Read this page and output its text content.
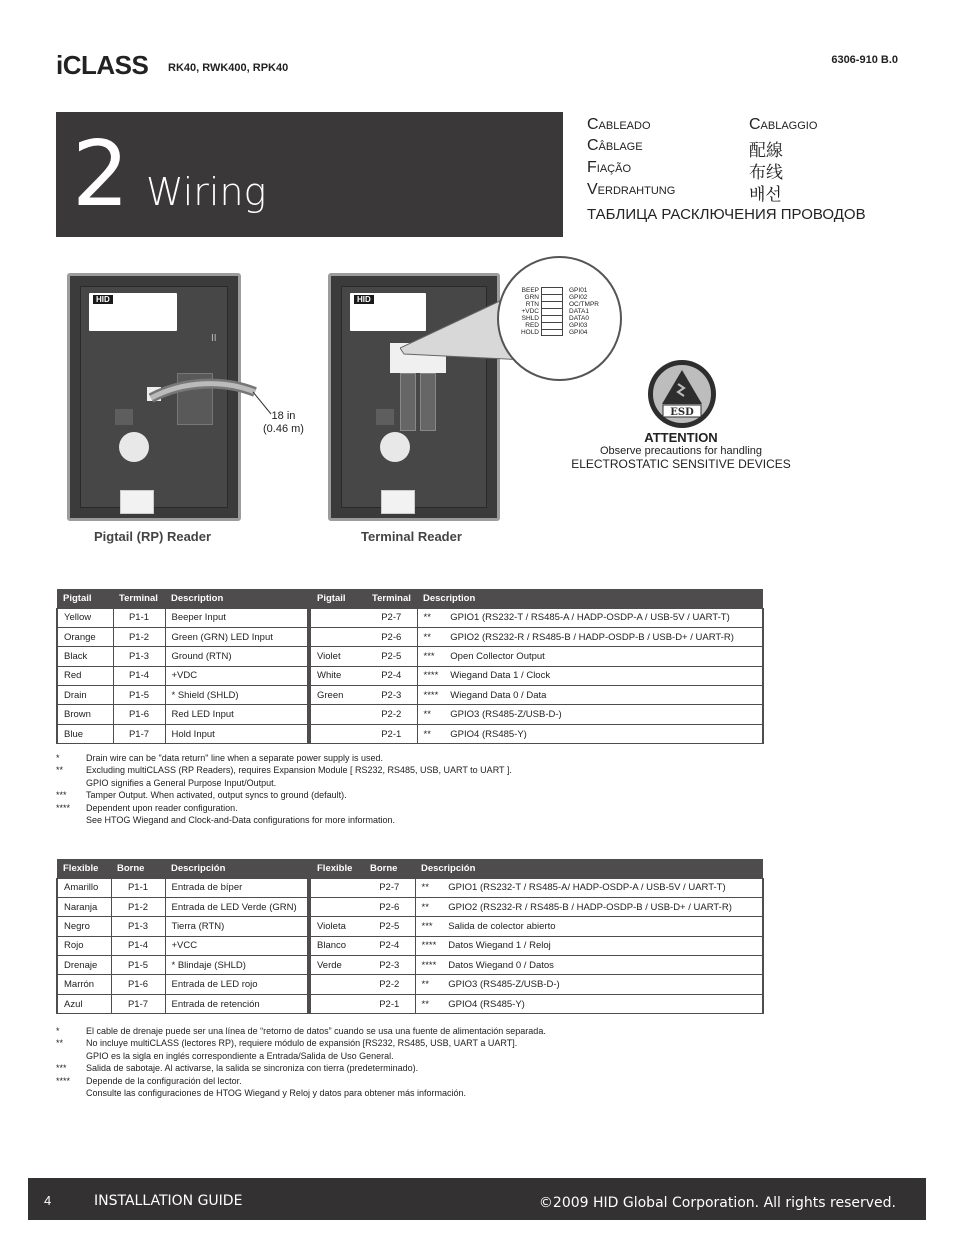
iCLASS RK40, RWK400, RPK40
6306-910 B.0
2 Wiring
Cableado	Cablaggio
Câblage	配線
Fiação	布线
Verdrahtung	배선
ТАБЛИЦА РАСКЛЮЧЕНИЯ ПРОВОДОВ
HID
II
18 in
(0.46 m)
Pigtail (RP) Reader
HID
Terminal Reader
BEEP
GRN
RTN
+VDC
SHLD
RED
HOLD
GPI01
GPI02
OC/TMPR
DATA1
DATA0
GPI03
GPI04
ESD
ATTENTION
Observe precautions for handling
ELECTROSTATIC SENSITIVE DEVICES
Pigtail	Terminal	Description		Pigtail	Terminal	Description	
Yellow	P1-1	Beeper Input			P2-7	**	GPIO1 (RS232-T / RS485-A / HADP-OSDP-A / USB-5V / UART-T)
Orange	P1-2	Green (GRN) LED Input			P2-6	**	GPIO2 (RS232-R / RS485-B / HADP-OSDP-B / USB-D+ / UART-R)
Black	P1-3	Ground (RTN)		Violet	P2-5	***	Open Collector Output
Red	P1-4	+VDC		White	P2-4	****	Wiegand Data 1 / Clock
Drain	P1-5	* Shield (SHLD)		Green	P2-3	****	Wiegand Data 0 / Data
Brown	P1-6	Red LED Input			P2-2	**	GPIO3 (RS485-Z/USB-D-)
Blue	P1-7	Hold Input			P2-1	**	GPIO4 (RS485-Y)
*	Drain wire can be "data return" line when a separate power supply is used.
**	Excluding multiCLASS (RP Readers), requires Expansion Module [ RS232, RS485, USB, UART to UART ].
GPIO signifies a General Purpose Input/Output.
***	Tamper Output. When activated, output syncs to ground (default).
****	Dependent upon reader configuration.
See HTOG Wiegand and Clock-and-Data configurations for more information.
Flexible	Borne	Descripción		Flexible	Borne	Descripción	
Amarillo	P1-1	Entrada de bíper			P2-7	**	GPIO1 (RS232-T / RS485-A/ HADP-OSDP-A / USB-5V / UART-T)
Naranja	P1-2	Entrada de LED Verde (GRN)			P2-6	**	GPIO2 (RS232-R / RS485-B / HADP-OSDP-B / USB-D+ / UART-R)
Negro	P1-3	Tierra (RTN)		Violeta	P2-5	***	Salida de colector abierto
Rojo	P1-4	+VCC		Blanco	P2-4	****	Datos Wiegand 1 / Reloj
Drenaje	P1-5	* Blindaje (SHLD)		Verde	P2-3	****	Datos Wiegand 0 / Datos
Marrón	P1-6	Entrada de LED rojo			P2-2	**	GPIO3 (RS485-Z/USB-D-)
Azul	P1-7	Entrada de retención			P2-1	**	GPIO4 (RS485-Y)
*	El cable de drenaje puede ser una línea de “retorno de datos” cuando se usa una fuente de alimentación separada.
**	No incluye multiCLASS (lectores RP), requiere módulo de expansión [RS232, RS485, USB, UART a UART].
GPIO es la sigla en inglés correspondiente a Entrada/Salida de Uso General.
***	Salida de sabotaje. Al activarse, la salida se sincroniza con tierra (predeterminado).
****	Depende de la configuración del lector.
Consulte las configuraciones de HTOG Wiegand y Reloj y datos para obtener más información.
4	INSTALLATION GUIDE	©2009 HID Global Corporation. All rights reserved.
